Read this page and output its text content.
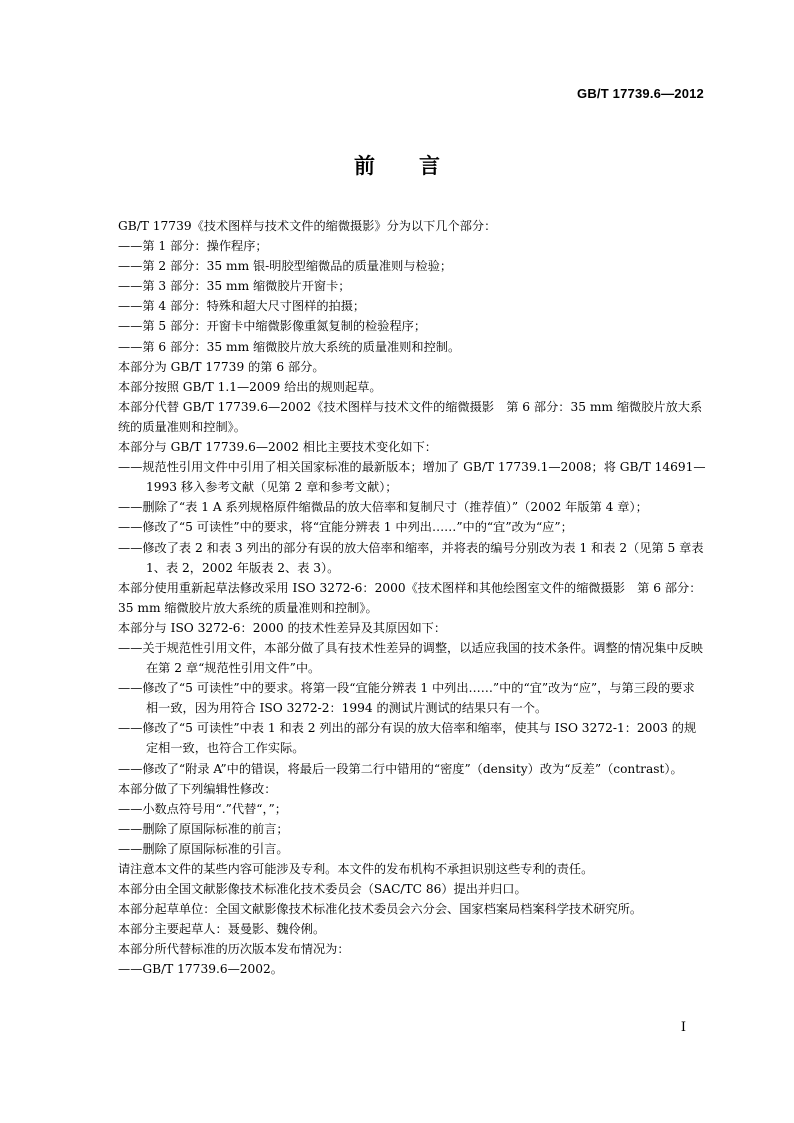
GB/T 17739.6—2012
前言
GB/T 17739《技术图样与技术文件的缩微摄影》分为以下几个部分：
——第 1 部分：操作程序；
——第 2 部分：35 mm 银-明胶型缩微品的质量准则与检验；
——第 3 部分：35 mm 缩微胶片开窗卡；
——第 4 部分：特殊和超大尺寸图样的拍摄；
——第 5 部分：开窗卡中缩微影像重氮复制的检验程序；
——第 6 部分：35 mm 缩微胶片放大系统的质量准则和控制。
本部分为 GB/T 17739 的第 6 部分。
本部分按照 GB/T 1.1—2009 给出的规则起草。
本部分代替 GB/T 17739.6—2002《技术图样与技术文件的缩微摄影　第 6 部分：35 mm 缩微胶片放大系统的质量准则和控制》。
本部分与 GB/T 17739.6—2002 相比主要技术变化如下：
——规范性引用文件中引用了相关国家标准的最新版本；增加了 GB/T 17739.1—2008；将 GB/T 14691—1993 移入参考文献（见第 2 章和参考文献）；
——删除了“表 1 A 系列规格原件缩微品的放大倍率和复制尺寸（推荐值）”（2002 年版第 4 章）；
——修改了“5 可读性”中的要求，将“宜能分辨表 1 中列出……”中的“宜”改为“应”；
——修改了表 2 和表 3 列出的部分有误的放大倍率和缩率，并将表的编号分别改为表 1 和表 2（见第 5 章表 1、表 2，2002 年版表 2、表 3）。
本部分使用重新起草法修改采用 ISO 3272-6：2000《技术图样和其他绘图室文件的缩微摄影　第 6 部分：35 mm 缩微胶片放大系统的质量准则和控制》。
本部分与 ISO 3272-6：2000 的技术性差异及其原因如下：
——关于规范性引用文件，本部分做了具有技术性差异的调整，以适应我国的技术条件。调整的情况集中反映在第 2 章“规范性引用文件”中。
——修改了“5 可读性”中的要求。将第一段“宜能分辨表 1 中列出……”中的“宜”改为“应”，与第三段的要求相一致，因为用符合 ISO 3272-2：1994 的测试片测试的结果只有一个。
——修改了“5 可读性”中表 1 和表 2 列出的部分有误的放大倍率和缩率，使其与 ISO 3272-1：2003 的规定相一致，也符合工作实际。
——修改了“附录 A”中的错误，将最后一段第二行中错用的“密度”（density）改为“反差”（contrast）。
本部分做了下列编辑性修改：
——小数点符号用“.”代替“，”；
——删除了原国际标准的前言；
——删除了原国际标准的引言。
请注意本文件的某些内容可能涉及专利。本文件的发布机构不承担识别这些专利的责任。
本部分由全国文献影像技术标准化技术委员会（SAC/TC 86）提出并归口。
本部分起草单位：全国文献影像技术标准化技术委员会六分会、国家档案局档案科学技术研究所。
本部分主要起草人：聂曼影、魏伶俐。
本部分所代替标准的历次版本发布情况为：
——GB/T 17739.6—2002。
I
